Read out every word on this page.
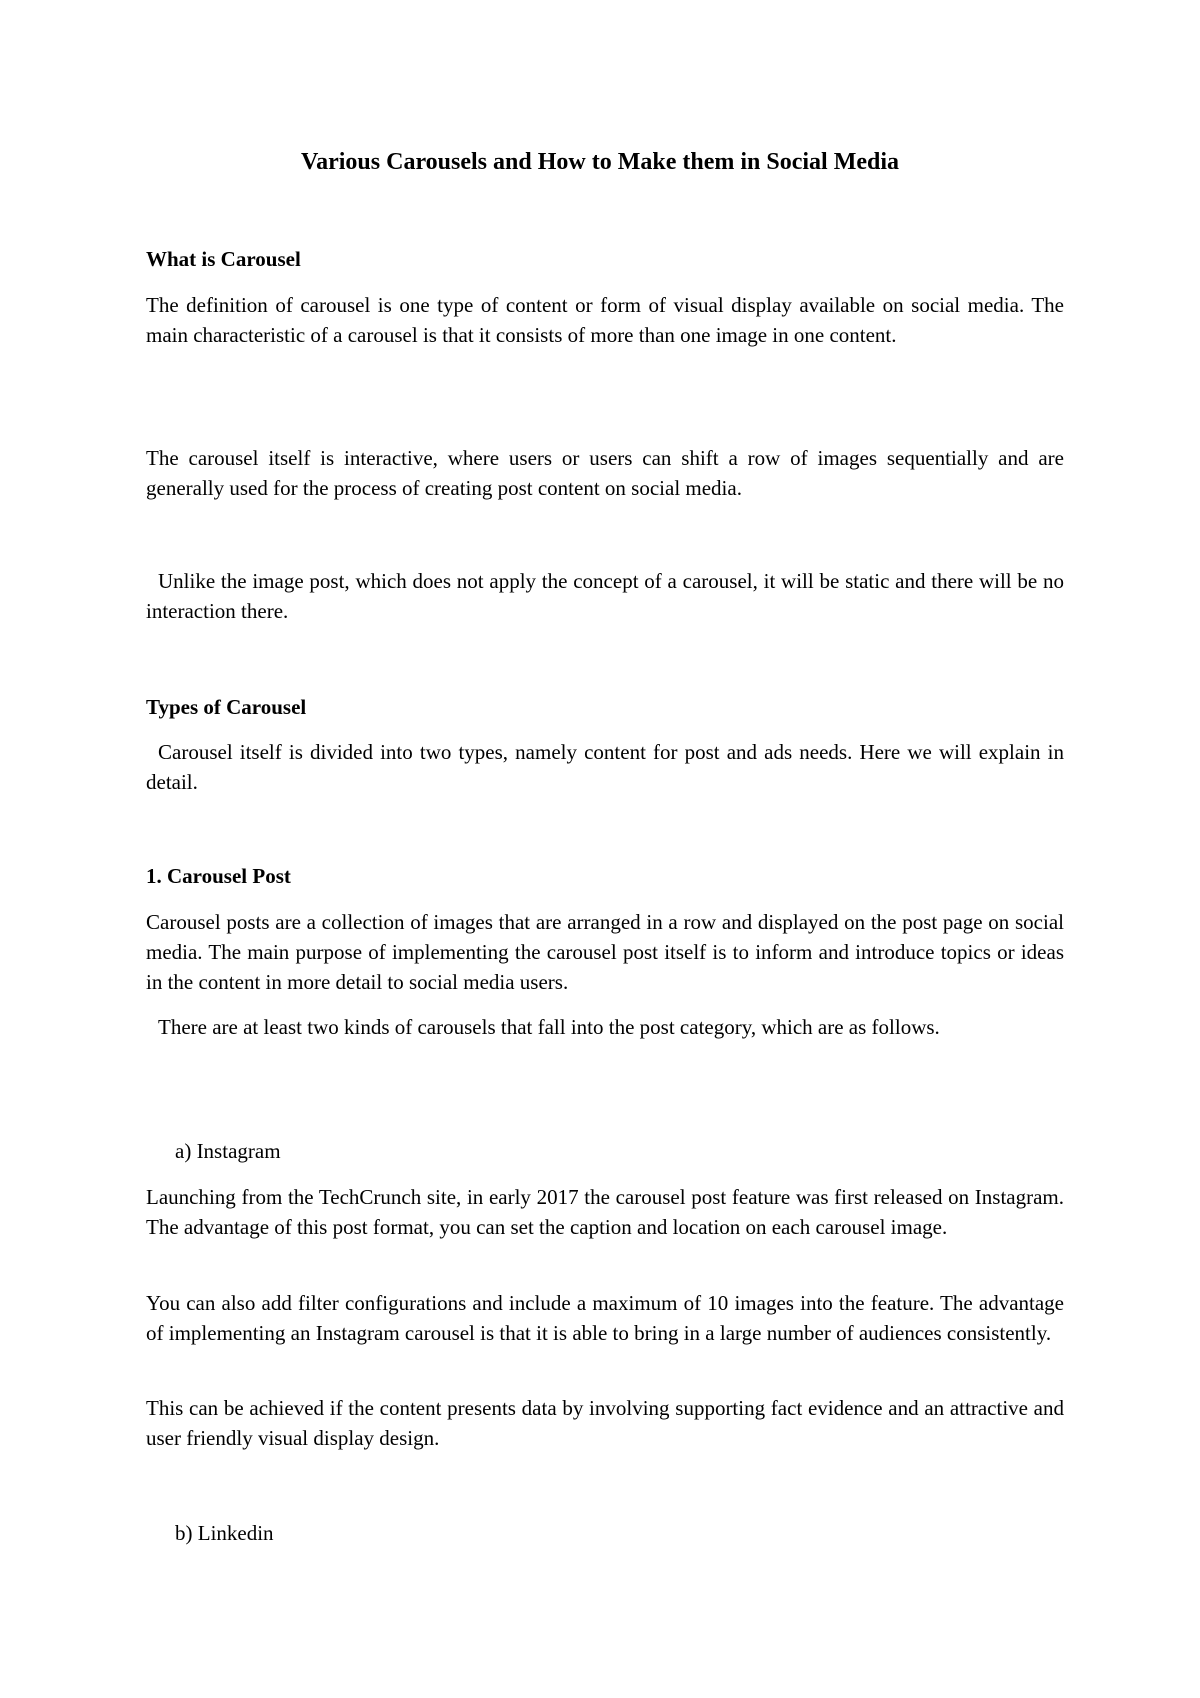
Various Carousels and How to Make them in Social Media

What is Carousel

The definition of carousel is one type of content or form of visual display available on social media. The main characteristic of a carousel is that it consists of more than one image in one content.

The carousel itself is interactive, where users or users can shift a row of images sequentially and are generally used for the process of creating post content on social media.

Unlike the image post, which does not apply the concept of a carousel, it will be static and there will be no interaction there.

Types of Carousel

Carousel itself is divided into two types, namely content for post and ads needs. Here we will explain in detail.

1. Carousel Post

Carousel posts are a collection of images that are arranged in a row and displayed on the post page on social media. The main purpose of implementing the carousel post itself is to inform and introduce topics or ideas in the content in more detail to social media users.

There are at least two kinds of carousels that fall into the post category, which are as follows.

a) Instagram

Launching from the TechCrunch site, in early 2017 the carousel post feature was first released on Instagram. The advantage of this post format, you can set the caption and location on each carousel image.

You can also add filter configurations and include a maximum of 10 images into the feature. The advantage of implementing an Instagram carousel is that it is able to bring in a large number of audiences consistently.

This can be achieved if the content presents data by involving supporting fact evidence and an attractive and user friendly visual display design.

b) Linkedin
